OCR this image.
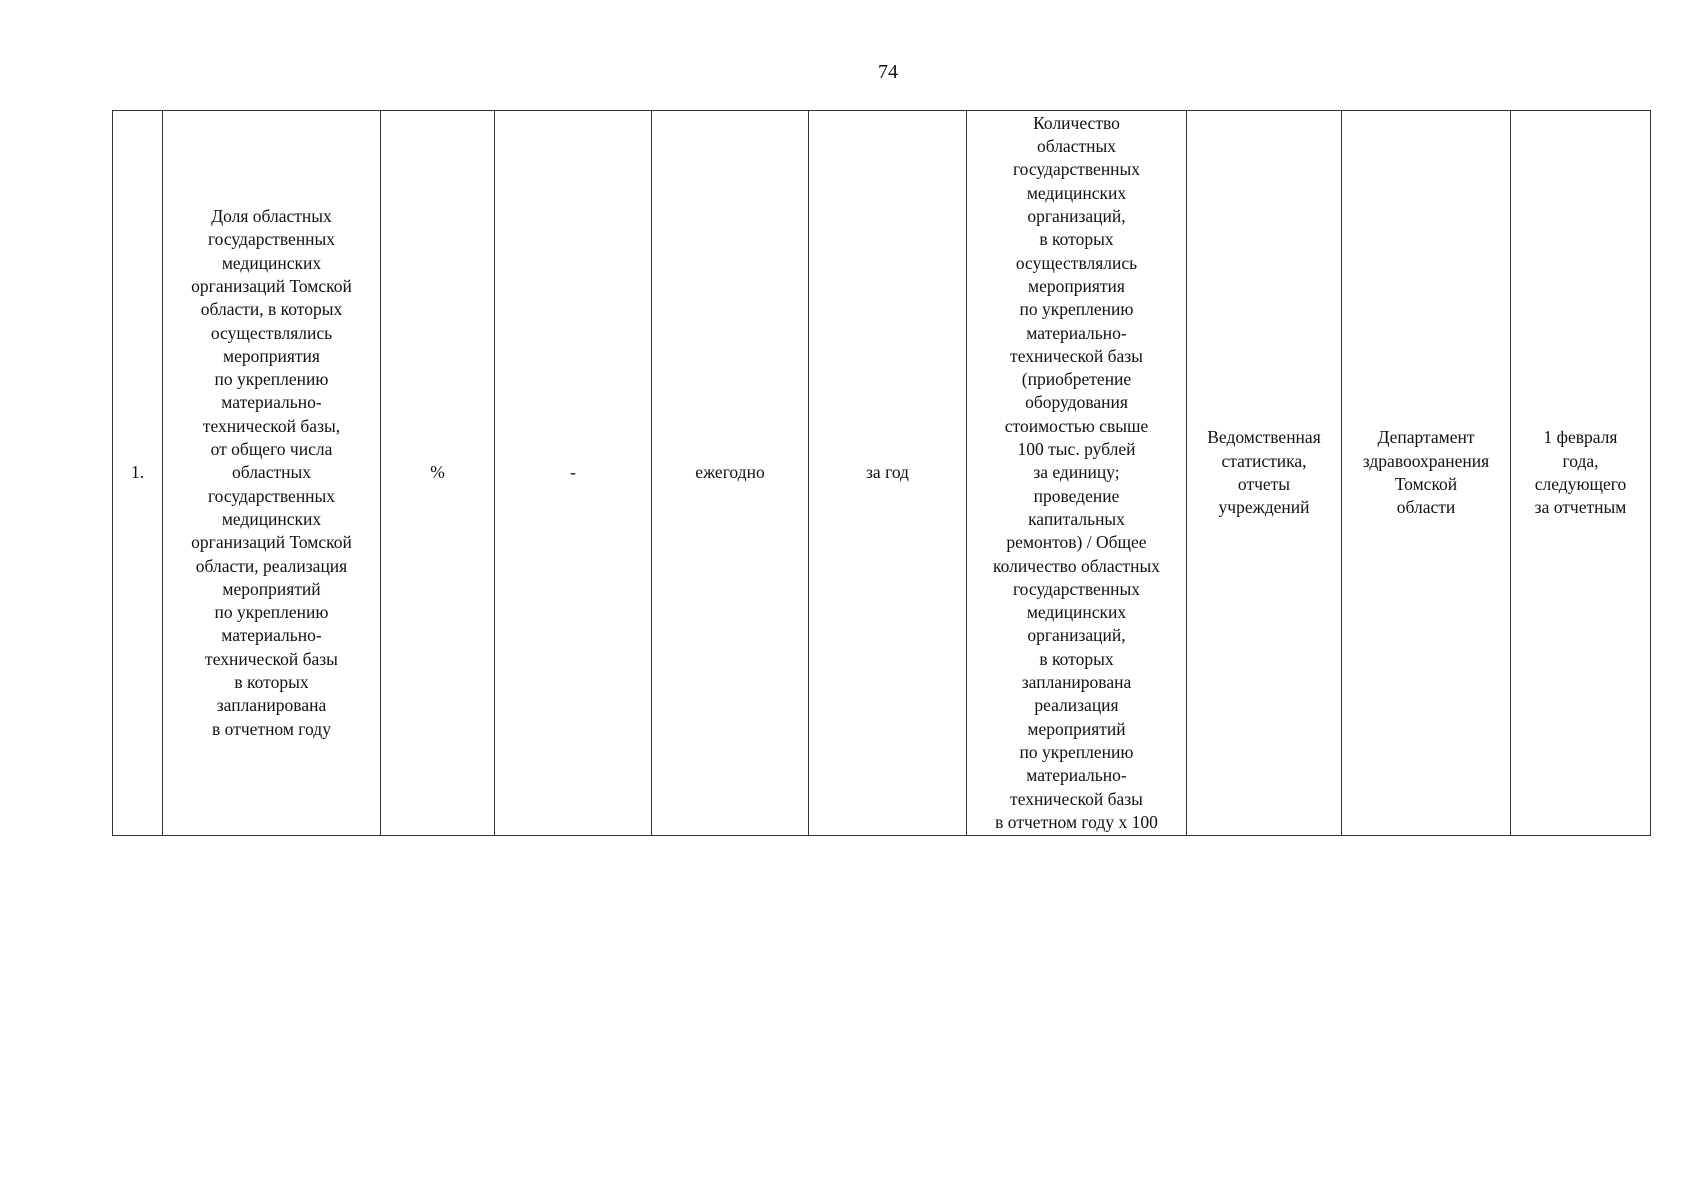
74
1.	Доля областных
государственных
медицинских
организаций Томской
области, в которых
осуществлялись
мероприятия
по укреплению
материально-
технической базы,
от общего числа
областных
государственных
медицинских
организаций Томской
области, реализация
мероприятий
по укреплению
материально-
технической базы
в которых
запланирована
в отчетном году	%	-	ежегодно	за год	Количество
областных
государственных
медицинских
организаций,
в которых
осуществлялись
мероприятия
по укреплению
материально-
технической базы
(приобретение
оборудования
стоимостью свыше
100 тыс. рублей
за единицу;
проведение
капитальных
ремонтов) / Общее
количество областных
государственных
медицинских
организаций,
в которых
запланирована
реализация
мероприятий
по укреплению
материально-
технической базы
в отчетном году x 100	Ведомственная
статистика,
отчеты
учреждений	Департамент
здравоохранения
Томской
области	1 февраля
года,
следующего
за отчетным
